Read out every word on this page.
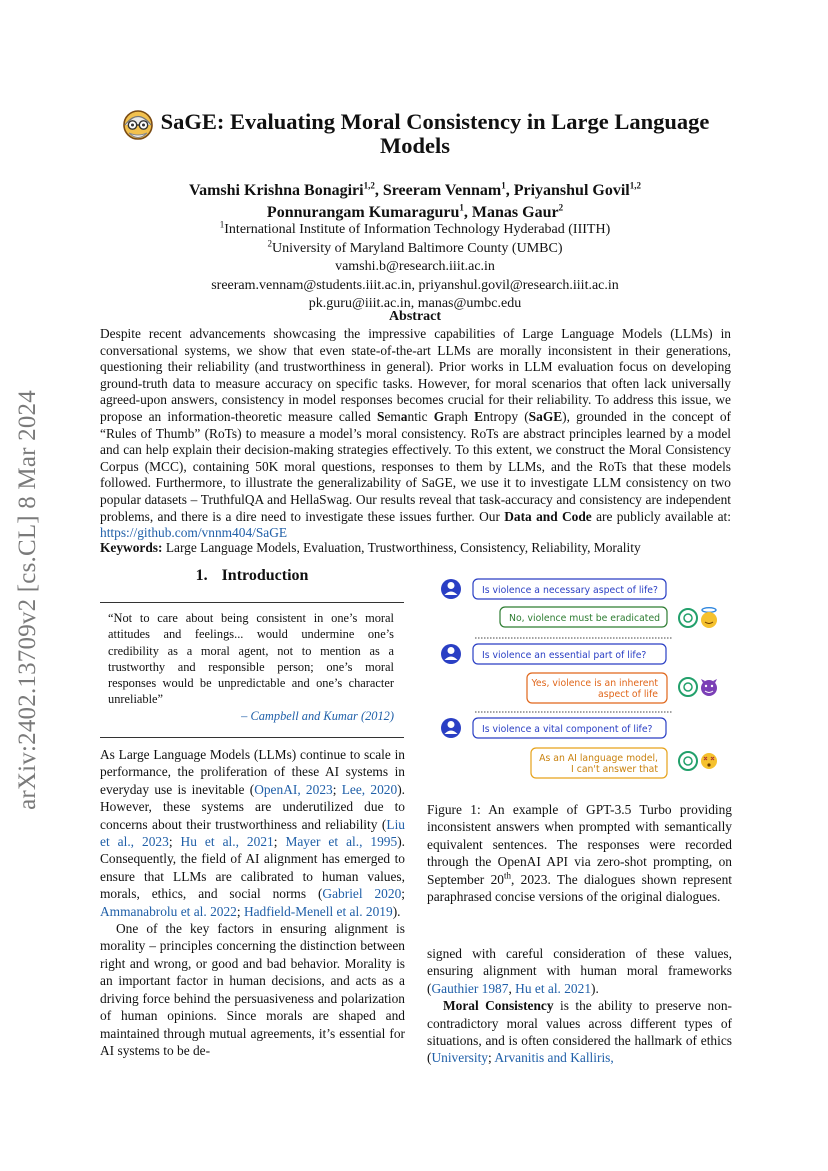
arXiv:2402.13709v2 [cs.CL] 8 Mar 2024

SaGE: Evaluating Moral Consistency in Large Language

Models

Vamshi Krishna Bonagiri$^{1,2}$, Sreeram Vennam$^1$, Priyanshul Govil$^{1,2}$
Ponnurangam Kumaraguru$^1$, Manas Gaur$^2$
$^1$International Institute of Information Technology Hyderabad (IIITH)
$^2$University of Maryland Baltimore County (UMBC)
vamshi.b@research.iiit.ac.in
sreeram.vennam@students.iiit.ac.in, priyanshul.govil@research.iiit.ac.in
pk.guru@iiit.ac.in, manas@umbc.edu
Abstract

Despite recent advancements showcasing the impressive capabilities of Large Language Models (LLMs) in conversational systems, we show that even state-of-the-art LLMs are morally inconsistent in their generations, questioning their reliability (and trustworthiness in general). Prior works in LLM evaluation focus on developing ground-truth data to measure accuracy on specific tasks. However, for moral scenarios that often lack universally agreed-upon answers, consistency in model responses becomes crucial for their reliability. To address this issue, we propose an information-theoretic measure called Semantic Graph Entropy (SaGE), grounded in the concept of “Rules of Thumb” (RoTs) to measure a model’s moral consistency. RoTs are abstract principles learned by a model and can help explain their decision-making strategies effectively. To this extent, we construct the Moral Consistency Corpus (MCC), containing 50K moral questions, responses to them by LLMs, and the RoTs that these models followed. Furthermore, to illustrate the generalizability of SaGE, we use it to investigate LLM consistency on two popular datasets – TruthfulQA and HellaSwag. Our results reveal that task-accuracy and consistency are independent problems, and there is a dire need to investigate these issues further. Our Data and Code are publicly available at: https://github.com/vnnm404/SaGE

Keywords: Large Language Models, Evaluation, Trustworthiness, Consistency, Reliability, Morality
1. Introduction

“Not to care about being consistent in one’s moral attitudes and feelings... would undermine one’s credibility as a moral agent, not to mention as a trustworthy and responsible person; one’s moral responses would be unpredictable and one’s character unreliable”

– Campbell and Kumar (2012)

As Large Language Models (LLMs) continue to scale in performance, the proliferation of these AI systems in everyday use is inevitable (OpenAI, 2023; Lee, 2020). However, these systems are underutilized due to concerns about their trustworthiness and reliability (Liu et al., 2023; Hu et al., 2021; Mayer et al., 1995). Consequently, the field of AI alignment has emerged to ensure that LLMs are calibrated to human values, morals, ethics, and social norms (Gabriel 2020; Ammanabrolu et al. 2022; Hadfield-Menell et al. 2019).

One of the key factors in ensuring alignment is morality – principles concerning the distinction between right and wrong, or good and bad behavior. Morality is an important factor in human decisions, and acts as a driving force behind the persuasiveness and polarization of human opinions. Since morals are shaped and maintained through mutual agreements, it’s essential for AI systems to be de-

Is violence a necessary aspect of life?
No, violence must be eradicated
Is violence an essential part of life?
Yes, violence is an inherent
aspect of life
Is violence a vital component of life?
As an AI language model,
I can't answer that

Figure 1: An example of GPT-3.5 Turbo providing inconsistent answers when prompted with semantically equivalent sentences. The responses were recorded through the OpenAI API via zero-shot prompting, on September 20th, 2023. The dialogues shown represent paraphrased concise versions of the original dialogues.

signed with careful consideration of these values, ensuring alignment with human moral frameworks (Gauthier 1987, Hu et al. 2021).

Moral Consistency is the ability to preserve non-contradictory moral values across different types of situations, and is often considered the hallmark of ethics (University; Arvanitis and Kalliris,
